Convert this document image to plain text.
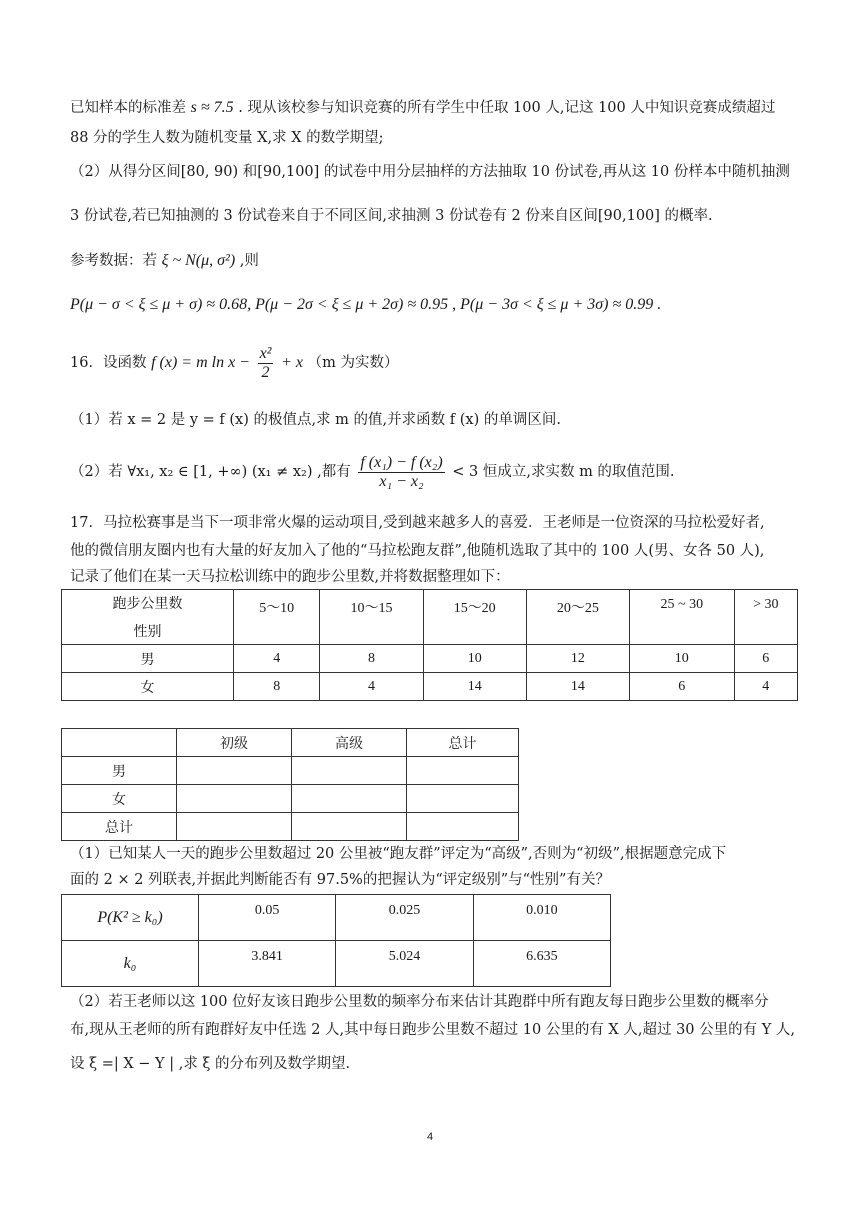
已知样本的标准差 s ≈ 7.5 . 现从该校参与知识竞赛的所有学生中任取 100 人,记这 100 人中知识竞赛成绩超过
88 分的学生人数为随机变量 X,求 X 的数学期望;
（2）从得分区间[80, 90) 和[90,100] 的试卷中用分层抽样的方法抽取 10 份试卷,再从这 10 份样本中随机抽测
3 份试卷,若已知抽测的 3 份试卷来自于不同区间,求抽测 3 份试卷有 2 份来自区间[90,100] 的概率.
参考数据：若 ξ ~ N(μ, σ²) ,则
P(μ − σ < ξ ≤ μ + σ) ≈ 0.68, P(μ − 2σ < ξ ≤ μ + 2σ) ≈ 0.95 , P(μ − 3σ < ξ ≤ μ + 3σ) ≈ 0.99 .
16．设函数 f (x) = m $\ln x - \frac{\text{x²}}{2} + x$ （m 为实数）
（1）若 x = 2 是 y = f (x) 的极值点,求 m 的值,并求函数 f (x) 的单调区间.
（2）若 ∀x₁, x₂ ∈ [1, +∞) (x₁ ≠ x₂) ,都有 $\frac{\text{f (x₁) − f (x₂)}}{\text{x₁ − x₂}} < 3$ 恒成立,求实数 m 的取值范围.
17．马拉松赛事是当下一项非常火爆的运动项目,受到越来越多人的喜爱．王老师是一位资深的马拉松爱好者,
他的微信朋友圈内也有大量的好友加入了他的“马拉松跑友群”,他随机选取了其中的 100 人(男、女各 50 人),
记录了他们在某一天马拉松训练中的跑步公里数,并将数据整理如下：
跑步公里数
性别	5～10	10～15	15～20	20～25	25 ~ 30	> 30
男	4	8	10	12	10	6
女	8	4	14	14	6	4
	初级	高级	总计
男			
女			
总计			
（1）已知某人一天的跑步公里数超过 20 公里被“跑友群”评定为“高级”,否则为“初级”,根据题意完成下
面的 2 × 2 列联表,并据此判断能否有 97.5%的把握认为“评定级别”与“性别”有关？
P(K² ≥ k₀)	0.05	0.025	0.010
k₀	3.841	5.024	6.635
（2）若王老师以这 100 位好友该日跑步公里数的频率分布来估计其跑群中所有跑友每日跑步公里数的概率分
布,现从王老师的所有跑群好友中任选 2 人,其中每日跑步公里数不超过 10 公里的有 X 人,超过 30 公里的有 Y 人,
设 ξ =| X − Y | ,求 ξ 的分布列及数学期望.
4
